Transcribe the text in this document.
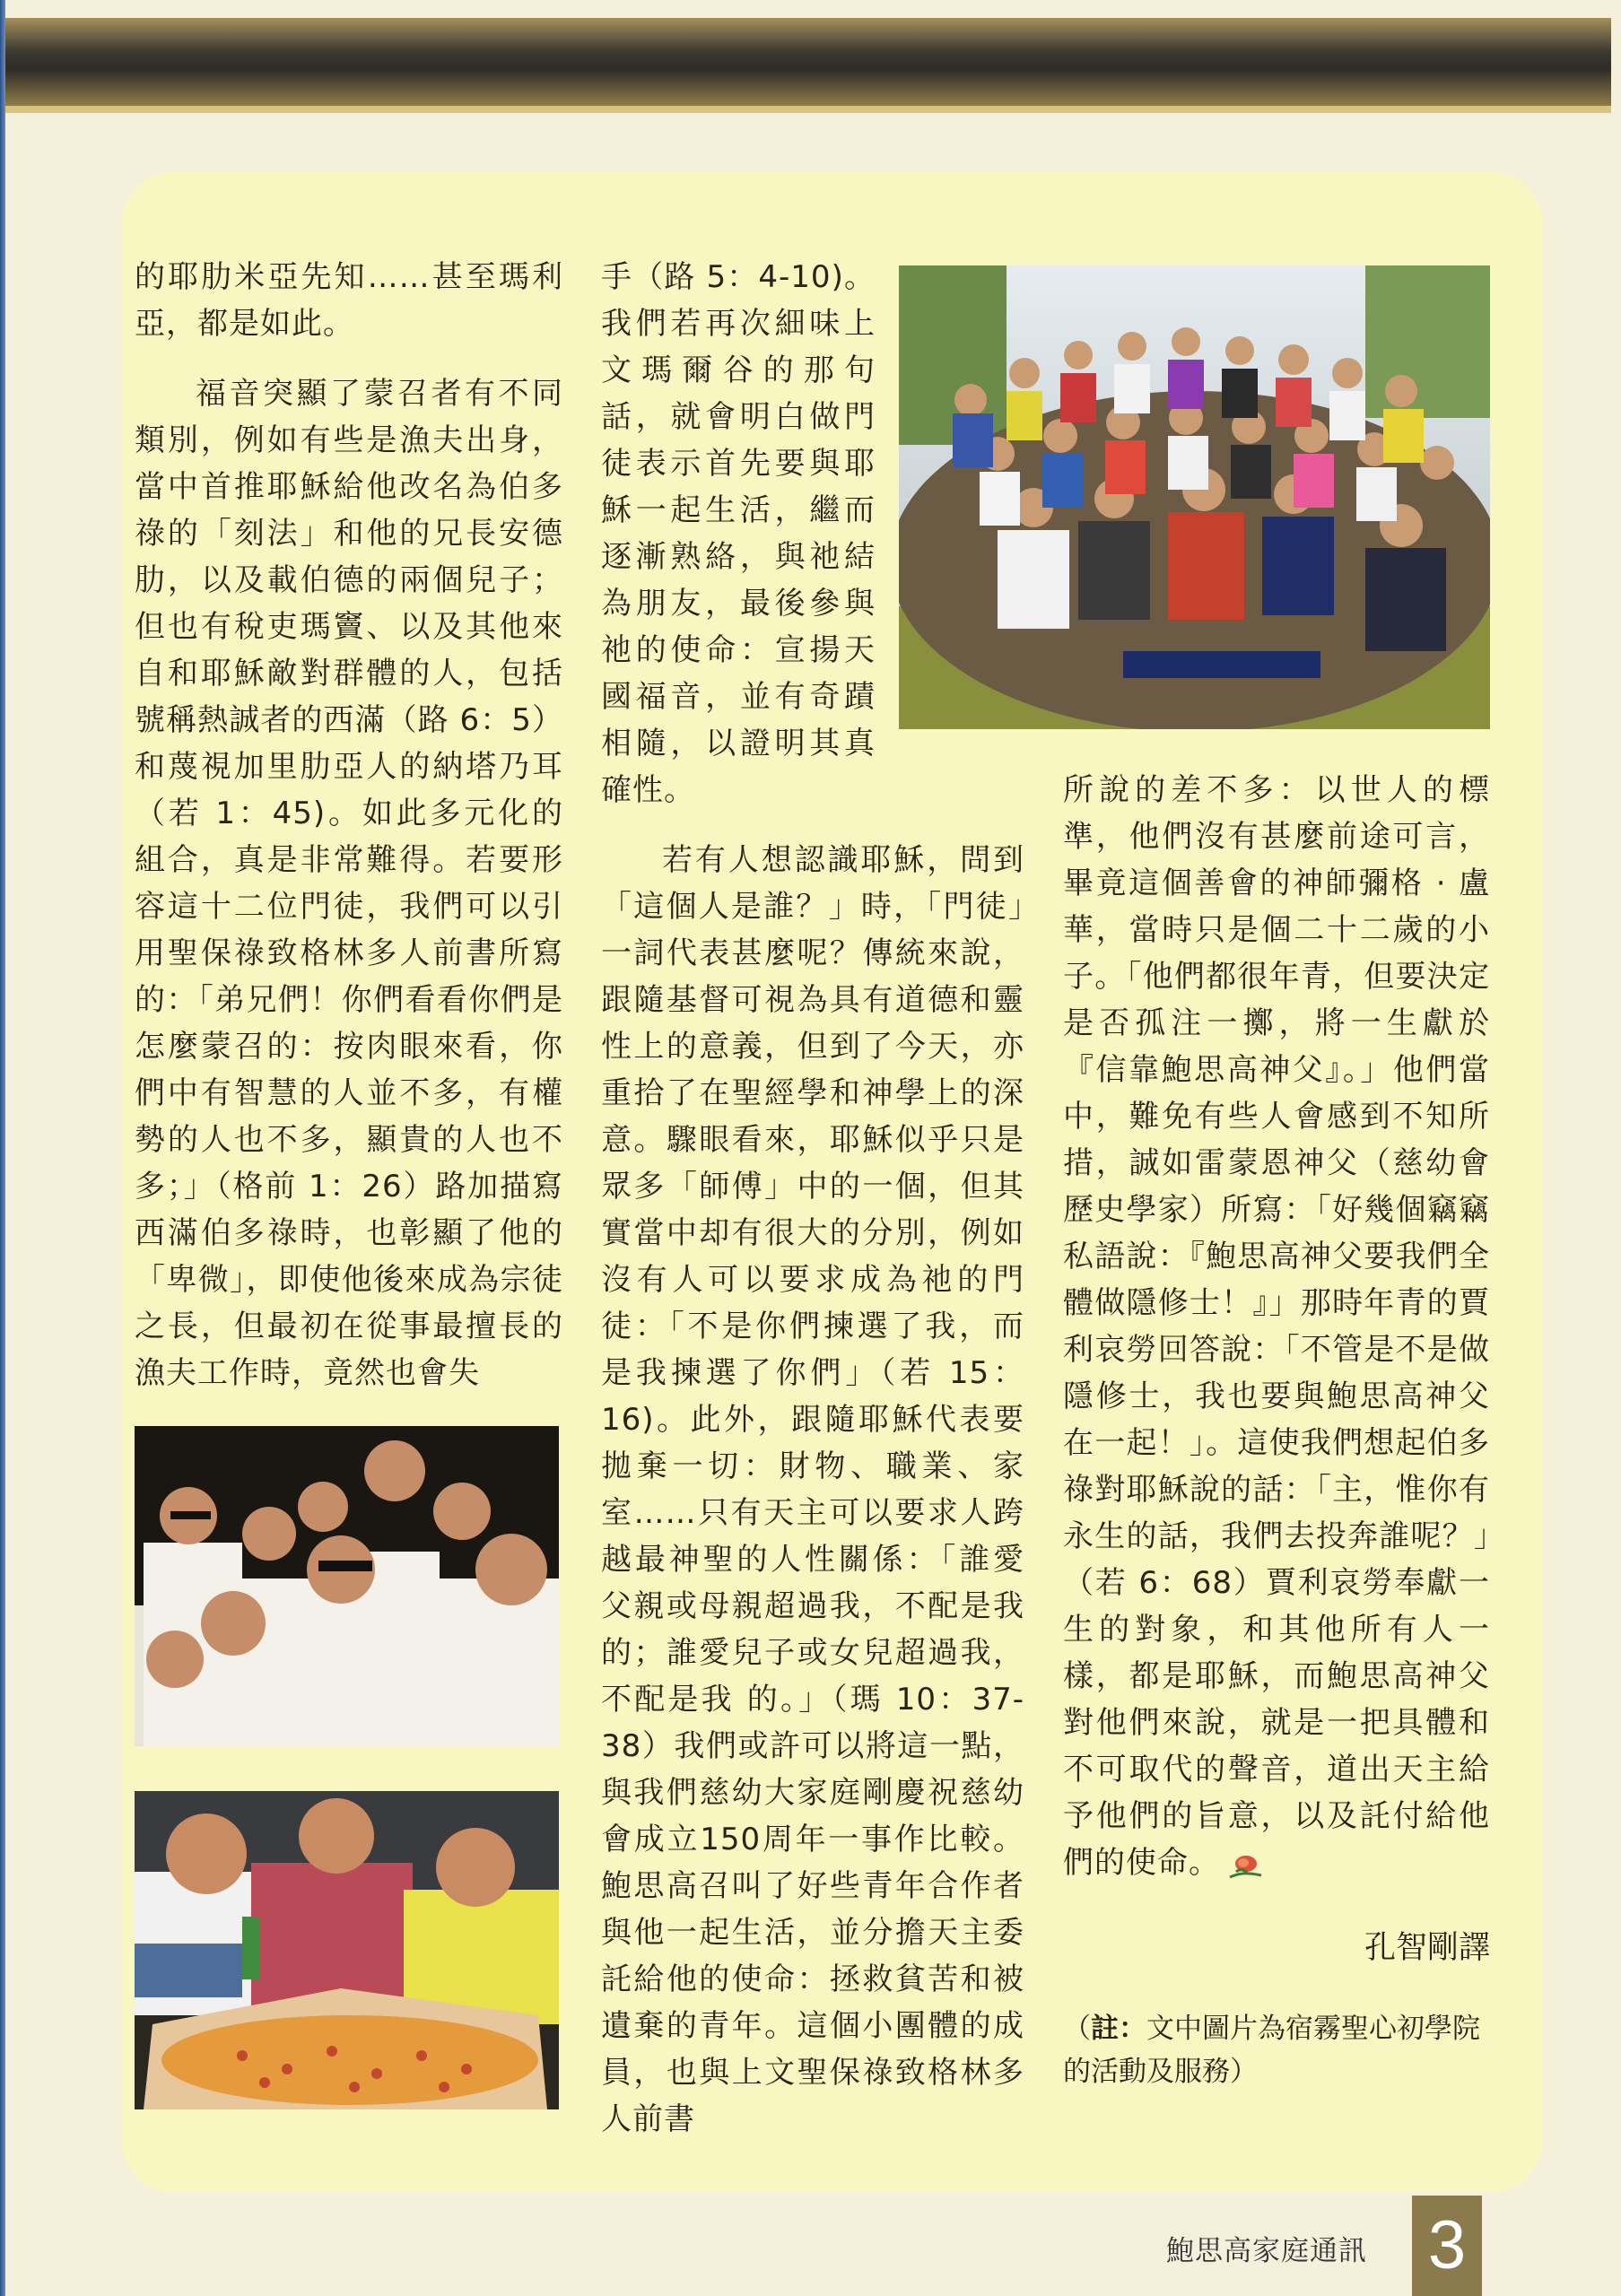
的耶肋米亞先知……甚至瑪利亞，都是如此。

福音突顯了蒙召者有不同類別，例如有些是漁夫出身，當中首推耶穌給他改名為伯多祿的「刻法」和他的兄長安德肋，以及載伯德的兩個兒子；但也有稅吏瑪竇、以及其他來自和耶穌敵對群體的人，包括號稱熱誠者的西滿（路 6：5）和蔑視加里肋亞人的納塔乃耳（若 1：45)。如此多元化的組合，真是非常難得。若要形容這十二位門徒，我們可以引用聖保祿致格林多人前書所寫的：「弟兄們！你們看看你們是怎麼蒙召的：按肉眼來看，你們中有智慧的人並不多，有權勢的人也不多，顯貴的人也不多；」（格前 1：26）路加描寫西滿伯多祿時，也彰顯了他的「卑微」，即使他後來成為宗徒之長，但最初在從事最擅長的漁夫工作時，竟然也會失

手（路 5：4-10)。我們若再次細味上文瑪爾谷的那句話，就會明白做門徒表示首先要與耶穌一起生活，繼而逐漸熟絡，與祂結為朋友，最後參與祂的使命：宣揚天國福音，並有奇蹟相隨，以證明其真確性。

若有人想認識耶穌，問到「這個人是誰？」時，「門徒」一詞代表甚麼呢？傳統來說，跟隨基督可視為具有道德和靈性上的意義，但到了今天，亦重拾了在聖經學和神學上的深意。驟眼看來，耶穌似乎只是眾多「師傅」中的一個，但其實當中却有很大的分別，例如沒有人可以要求成為祂的門徒：「不是你們揀選了我，而是我揀選了你們」（若 15：16)。此外，跟隨耶穌代表要拋棄一切：財物、職業、家室……只有天主可以要求人跨越最神聖的人性關係：「誰愛父親或母親超過我，不配是我的；誰愛兒子或女兒超過我，不配是我 的。」（瑪 10：37-38）我們或許可以將這一點，與我們慈幼大家庭剛慶祝慈幼會成立150周年一事作比較。鮑思高召叫了好些青年合作者與他一起生活，並分擔天主委託給他的使命：拯救貧苦和被遺棄的青年。這個小團體的成員，也與上文聖保祿致格林多人前書

所說的差不多：以世人的標準，他們沒有甚麼前途可言，畢竟這個善會的神師彌格 · 盧華，當時只是個二十二歲的小子。「他們都很年青，但要決定是否孤注一擲，將一生獻於『信靠鮑思高神父』。」他們當中，難免有些人會感到不知所措，誠如雷蒙恩神父（慈幼會歷史學家）所寫：「好幾個竊竊私語說：『鮑思高神父要我們全體做隱修士！』」那時年青的賈利哀勞回答說：「不管是不是做隱修士，我也要與鮑思高神父在一起！」。這使我們想起伯多祿對耶穌說的話：「主，惟你有永生的話，我們去投奔誰呢？」（若 6：68）賈利哀勞奉獻一生的對象，和其他所有人一樣，都是耶穌，而鮑思高神父對他們來說，就是一把具體和不可取代的聲音，道出天主給予他們的旨意，以及託付給他們的使命。

孔智剛譯
（註：文中圖片為宿霧聖心初學院的活動及服務）
鮑思高家庭通訊 3
